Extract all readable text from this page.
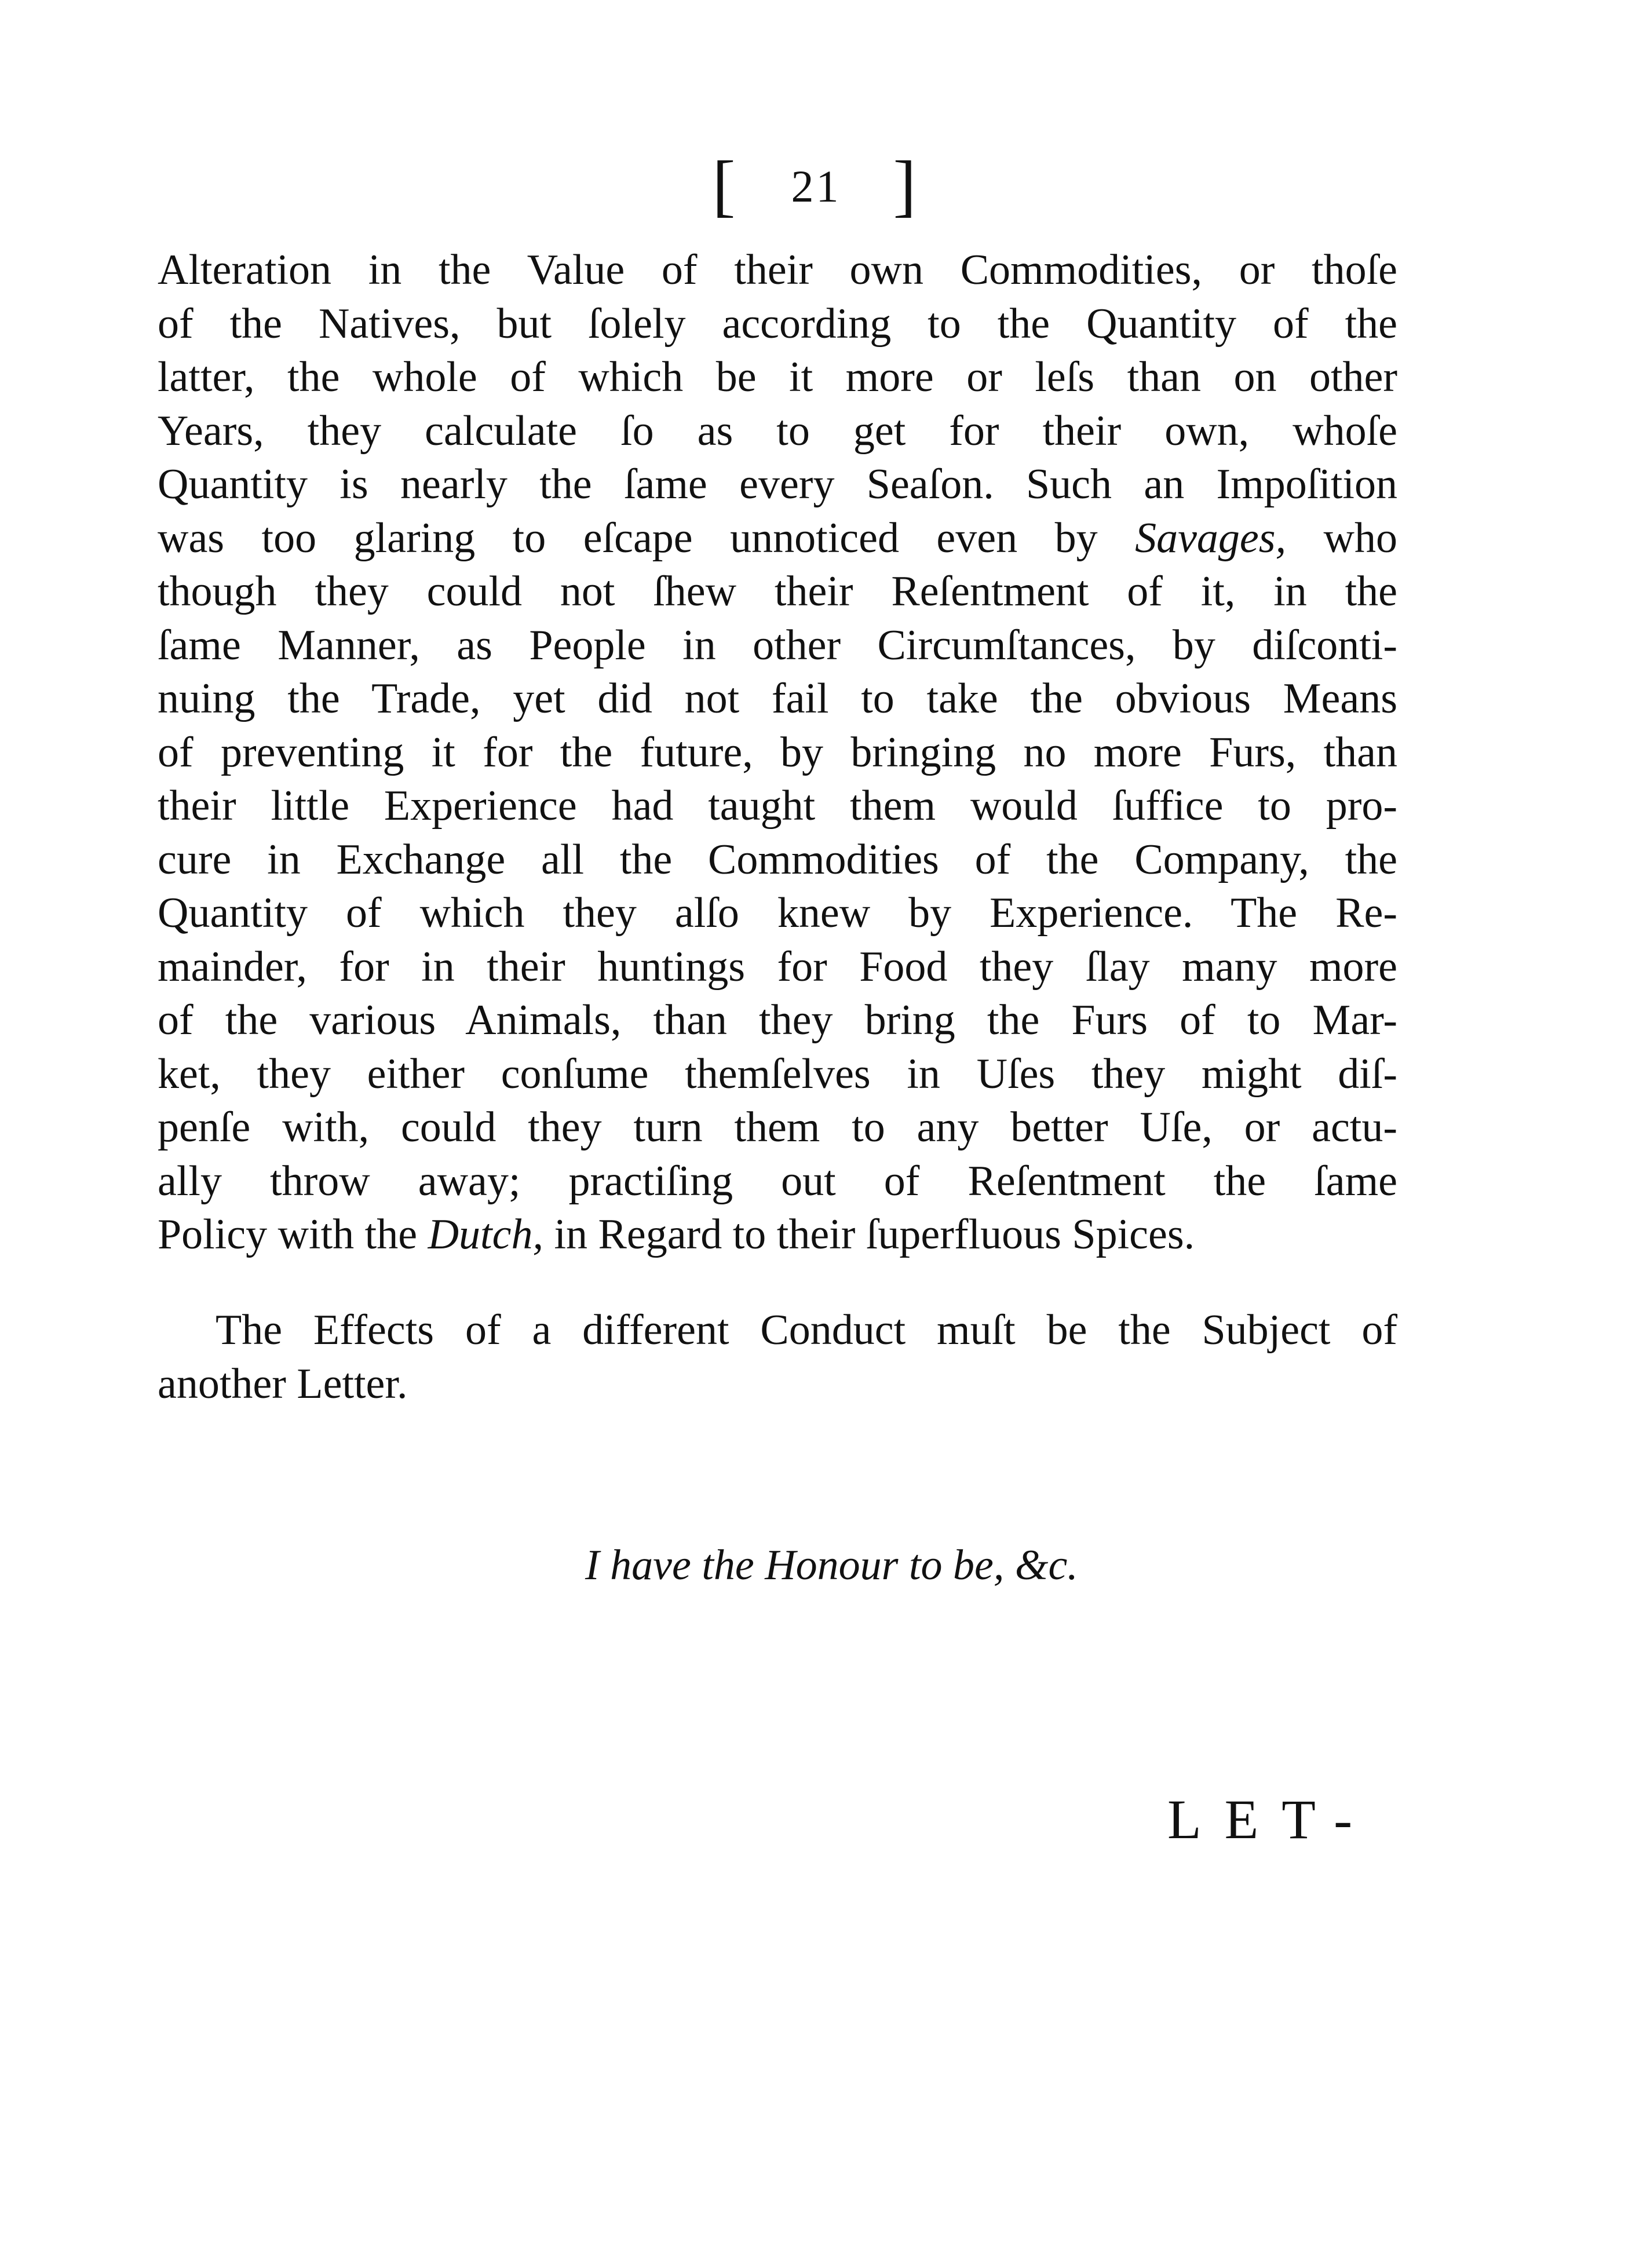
[ 21 ]
Alteration in the Value of their own Commodities, or thoſe
of the Natives, but ſolely according to the Quantity of the
latter, the whole of which be it more or leſs than on other
Years, they calculate ſo as to get for their own, whoſe
Quantity is nearly the ſame every Seaſon. Such an Impoſition
was too glaring to eſcape unnoticed even by Savages, who
though they could not ſhew their Reſentment of it, in the
ſame Manner, as People in other Circumſtances, by diſconti-
nuing the Trade, yet did not fail to take the obvious Means
of preventing it for the future, by bringing no more Furs, than
their little Experience had taught them would ſuffice to pro-
cure in Exchange all the Commodities of the Company, the
Quantity of which they alſo knew by Experience. The Re-
mainder, for in their huntings for Food they ſlay many more
of the various Animals, than they bring the Furs of to Mar-
ket, they either conſume themſelves in Uſes they might diſ-
penſe with, could they turn them to any better Uſe, or actu-
ally throw away; practiſing out of Reſentment the ſame
Policy with the Dutch, in Regard to their ſuperfluous Spices.
The Effects of a different Conduct muſt be the Subject of
another Letter.
I have the Honour to be, &c.
LET-
